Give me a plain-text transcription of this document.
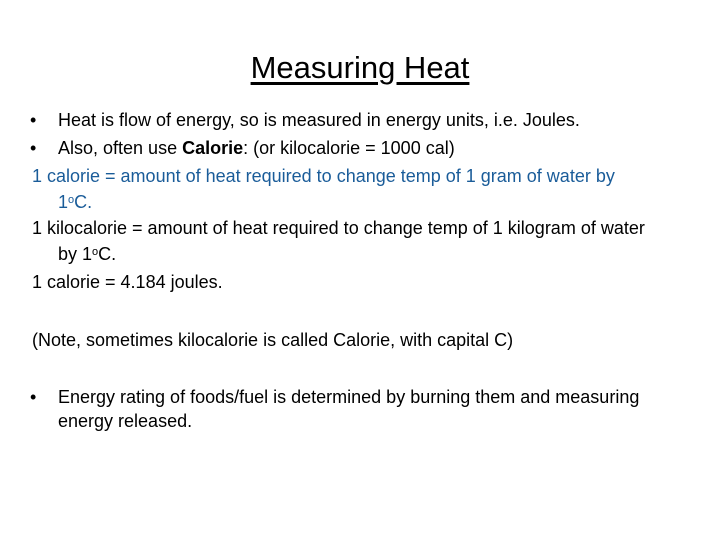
Measuring Heat
• Heat is flow of energy, so is measured in energy units, i.e. Joules.
• Also, often use Calorie: (or kilocalorie = 1000 cal)
1 calorie = amount of heat required to change temp of 1 gram of water by
1$^o$C.
1 kilocalorie = amount of heat required to change temp of 1 kilogram of water
by 1$^o$C.
1 calorie = 4.184 joules.
(Note, sometimes kilocalorie is called Calorie, with capital C)
• Energy rating of foods/fuel is determined by burning them and measuring
energy released.
